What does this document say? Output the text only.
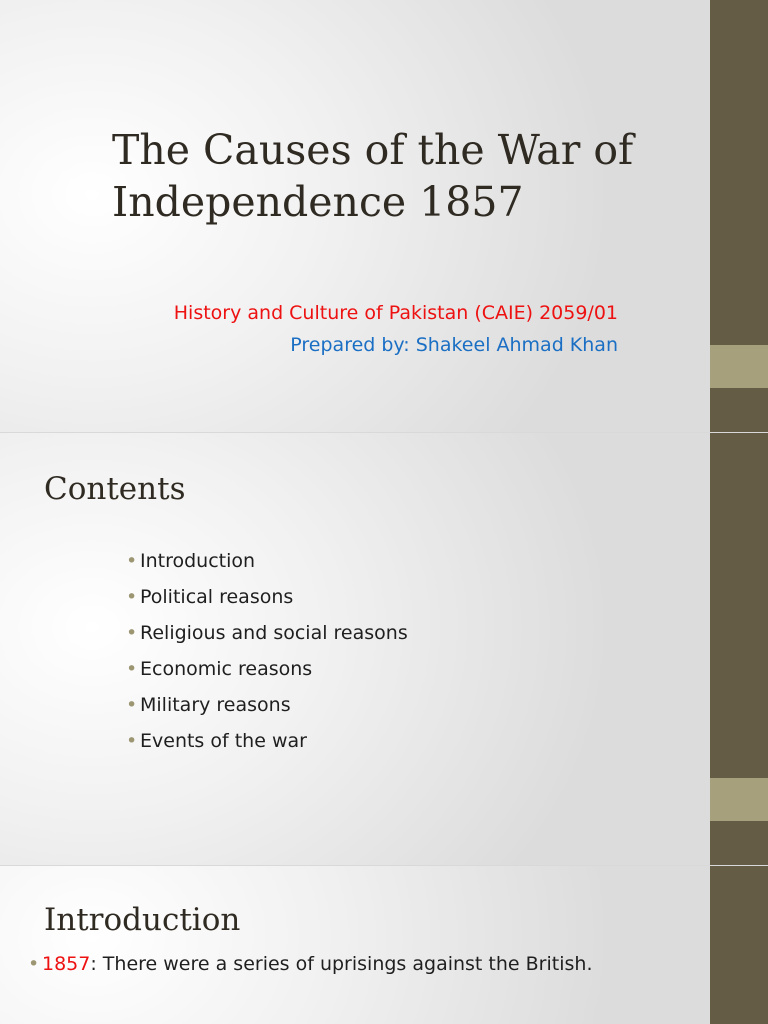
The Causes of the War of Independence 1857
History and Culture of Pakistan (CAIE) 2059/01
Prepared by: Shakeel Ahmad Khan
Contents
• Introduction
• Political reasons
• Religious and social reasons
• Economic reasons
• Military reasons
• Events of the war
Introduction
• 1857: There were a series of uprisings against the British.
